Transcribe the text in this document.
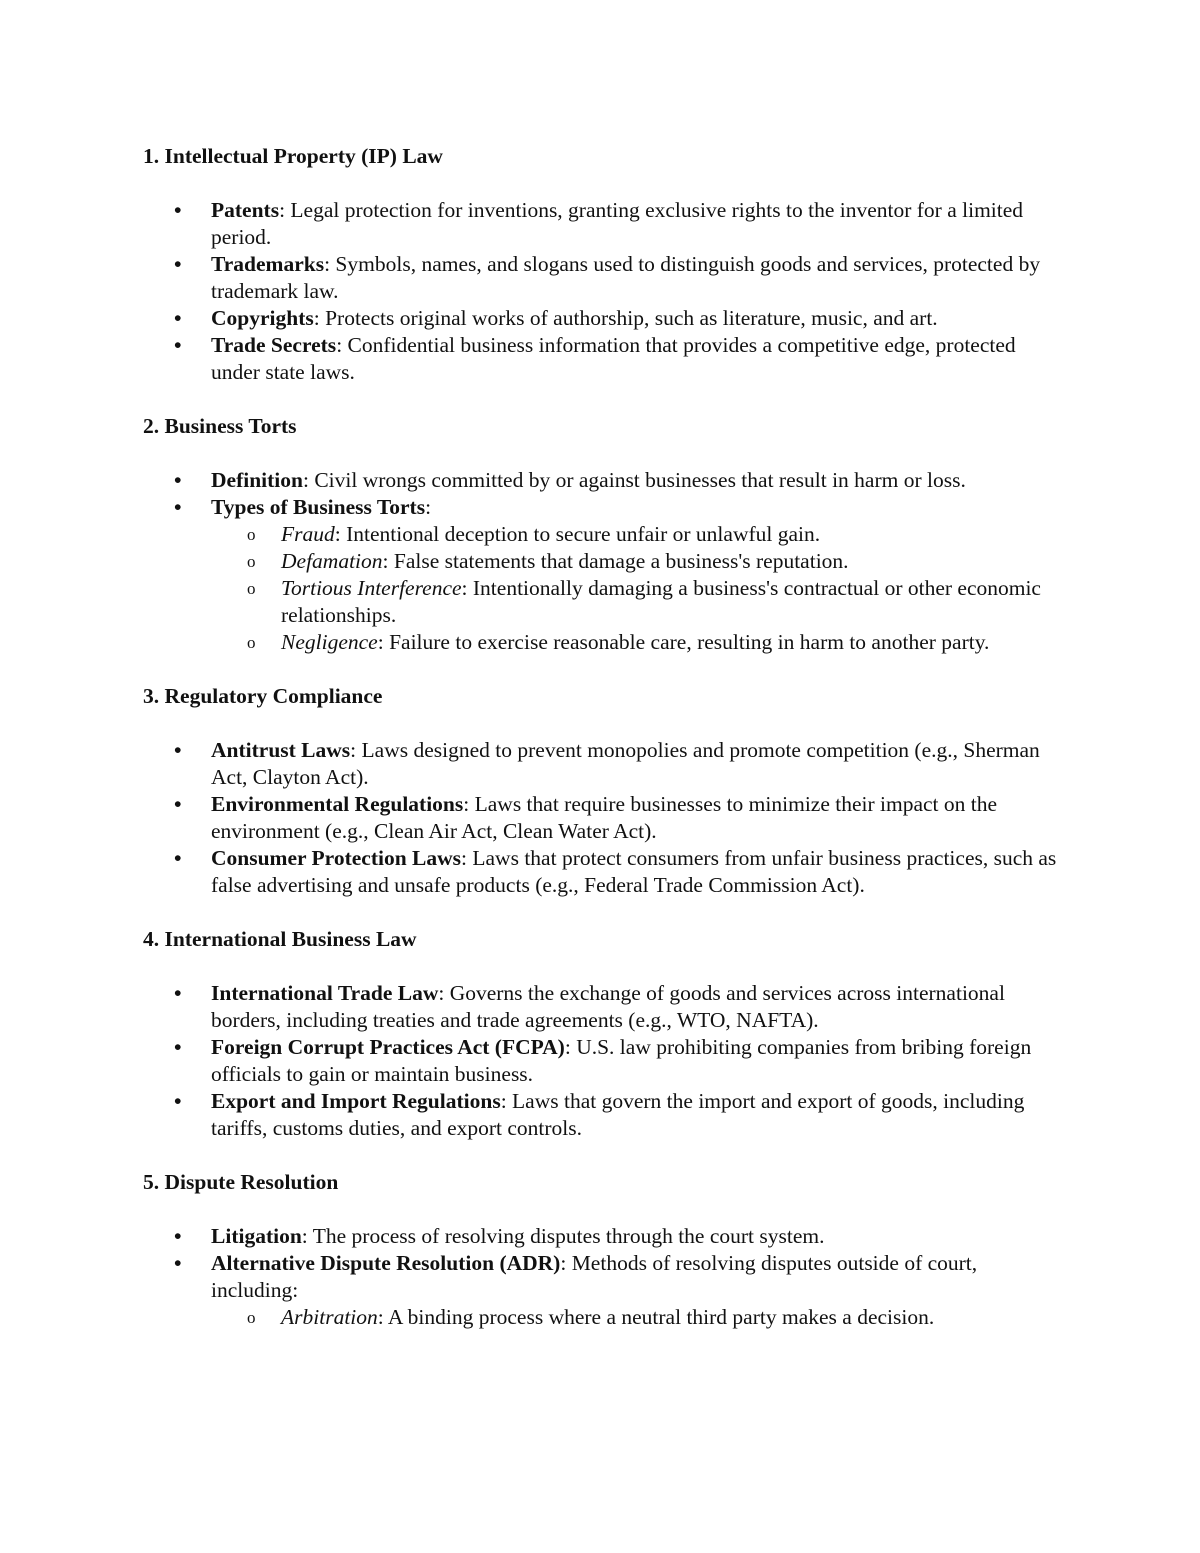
1. Intellectual Property (IP) Law
• Patents: Legal protection for inventions, granting exclusive rights to the inventor for a limited period.
• Trademarks: Symbols, names, and slogans used to distinguish goods and services, protected by trademark law.
• Copyrights: Protects original works of authorship, such as literature, music, and art.
• Trade Secrets: Confidential business information that provides a competitive edge, protected under state laws.
2. Business Torts
• Definition: Civil wrongs committed by or against businesses that result in harm or loss.
• Types of Business Torts:
o Fraud: Intentional deception to secure unfair or unlawful gain.
o Defamation: False statements that damage a business's reputation.
o Tortious Interference: Intentionally damaging a business's contractual or other economic relationships.
o Negligence: Failure to exercise reasonable care, resulting in harm to another party.
3. Regulatory Compliance
• Antitrust Laws: Laws designed to prevent monopolies and promote competition (e.g., Sherman Act, Clayton Act).
• Environmental Regulations: Laws that require businesses to minimize their impact on the environment (e.g., Clean Air Act, Clean Water Act).
• Consumer Protection Laws: Laws that protect consumers from unfair business practices, such as false advertising and unsafe products (e.g., Federal Trade Commission Act).
4. International Business Law
• International Trade Law: Governs the exchange of goods and services across international borders, including treaties and trade agreements (e.g., WTO, NAFTA).
• Foreign Corrupt Practices Act (FCPA): U.S. law prohibiting companies from bribing foreign officials to gain or maintain business.
• Export and Import Regulations: Laws that govern the import and export of goods, including tariffs, customs duties, and export controls.
5. Dispute Resolution
• Litigation: The process of resolving disputes through the court system.
• Alternative Dispute Resolution (ADR): Methods of resolving disputes outside of court, including:
o Arbitration: A binding process where a neutral third party makes a decision.
